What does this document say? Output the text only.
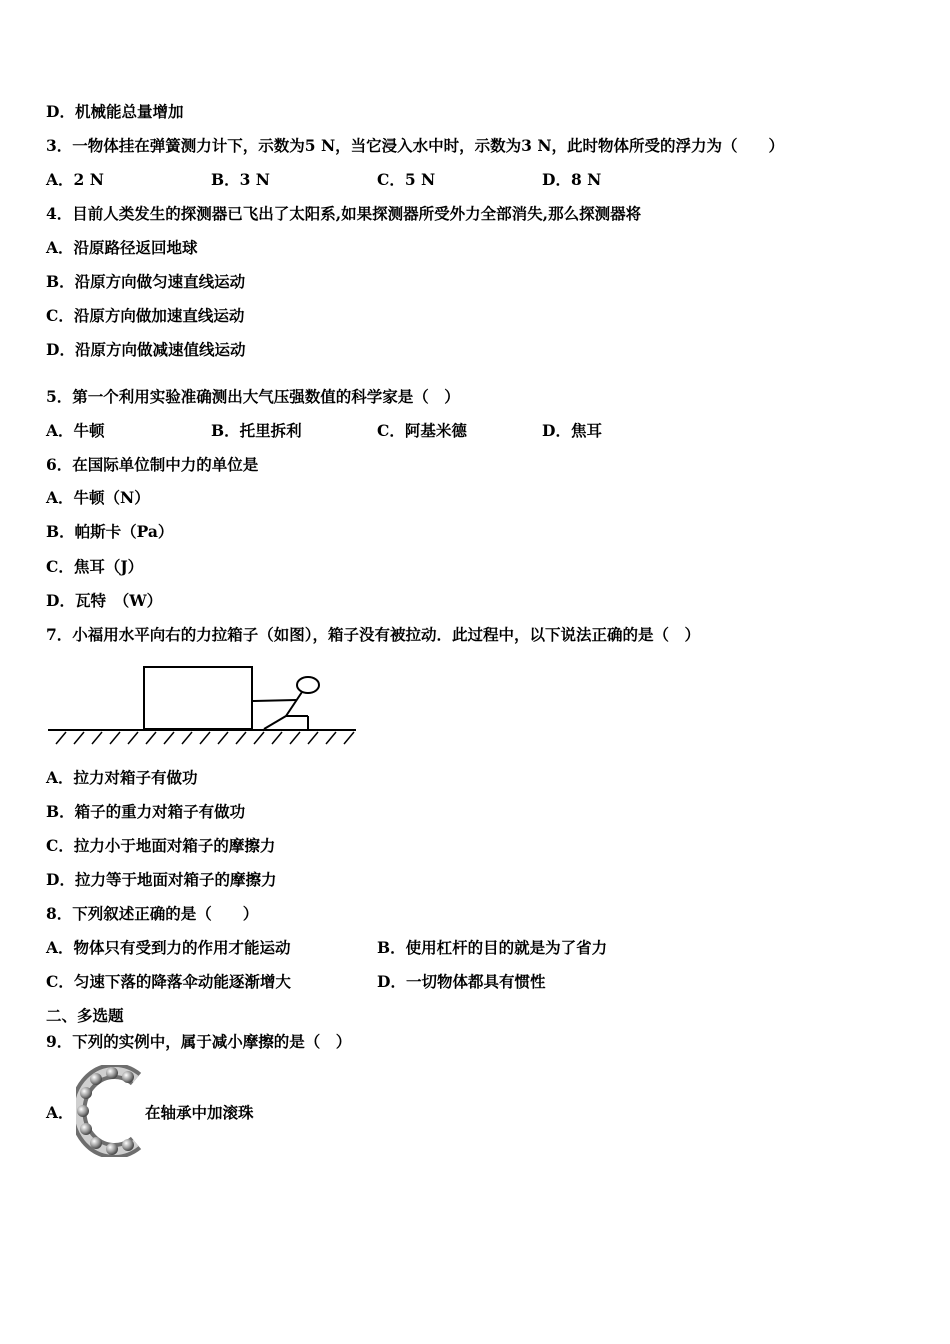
D．机械能总量增加
3．一物体挂在弹簧测力计下，示数为5 N，当它浸入水中时，示数为3 N，此时物体所受的浮力为（　　）
A．2 N	B．3 N	C．5 N	D．8 N
4．目前人类发生的探测器已飞出了太阳系,如果探测器所受外力全部消失,那么探测器将
A．沿原路径返回地球
B．沿原方向做匀速直线运动
C．沿原方向做加速直线运动
D．沿原方向做减速值线运动
5．第一个利用实验准确测出大气压强数值的科学家是（　）
A．牛顿	B．托里拆利	C．阿基米德	D．焦耳
6．在国际单位制中力的单位是
A．牛顿（N）
B．帕斯卡（Pa）
C．焦耳（J）
D．瓦特　（W）
7．小福用水平向右的力拉箱子（如图），箱子没有被拉动．此过程中，以下说法正确的是（　）
A．拉力对箱子有做功
B．箱子的重力对箱子有做功
C．拉力小于地面对箱子的摩擦力
D．拉力等于地面对箱子的摩擦力
8．下列叙述正确的是（　　）
A．物体只有受到力的作用才能运动	B．使用杠杆的目的就是为了省力
C．匀速下落的降落伞动能逐渐增大	D．一切物体都具有惯性
二、多选题
9．下列的实例中，属于减小摩擦的是（　）
A．	在轴承中加滚珠
